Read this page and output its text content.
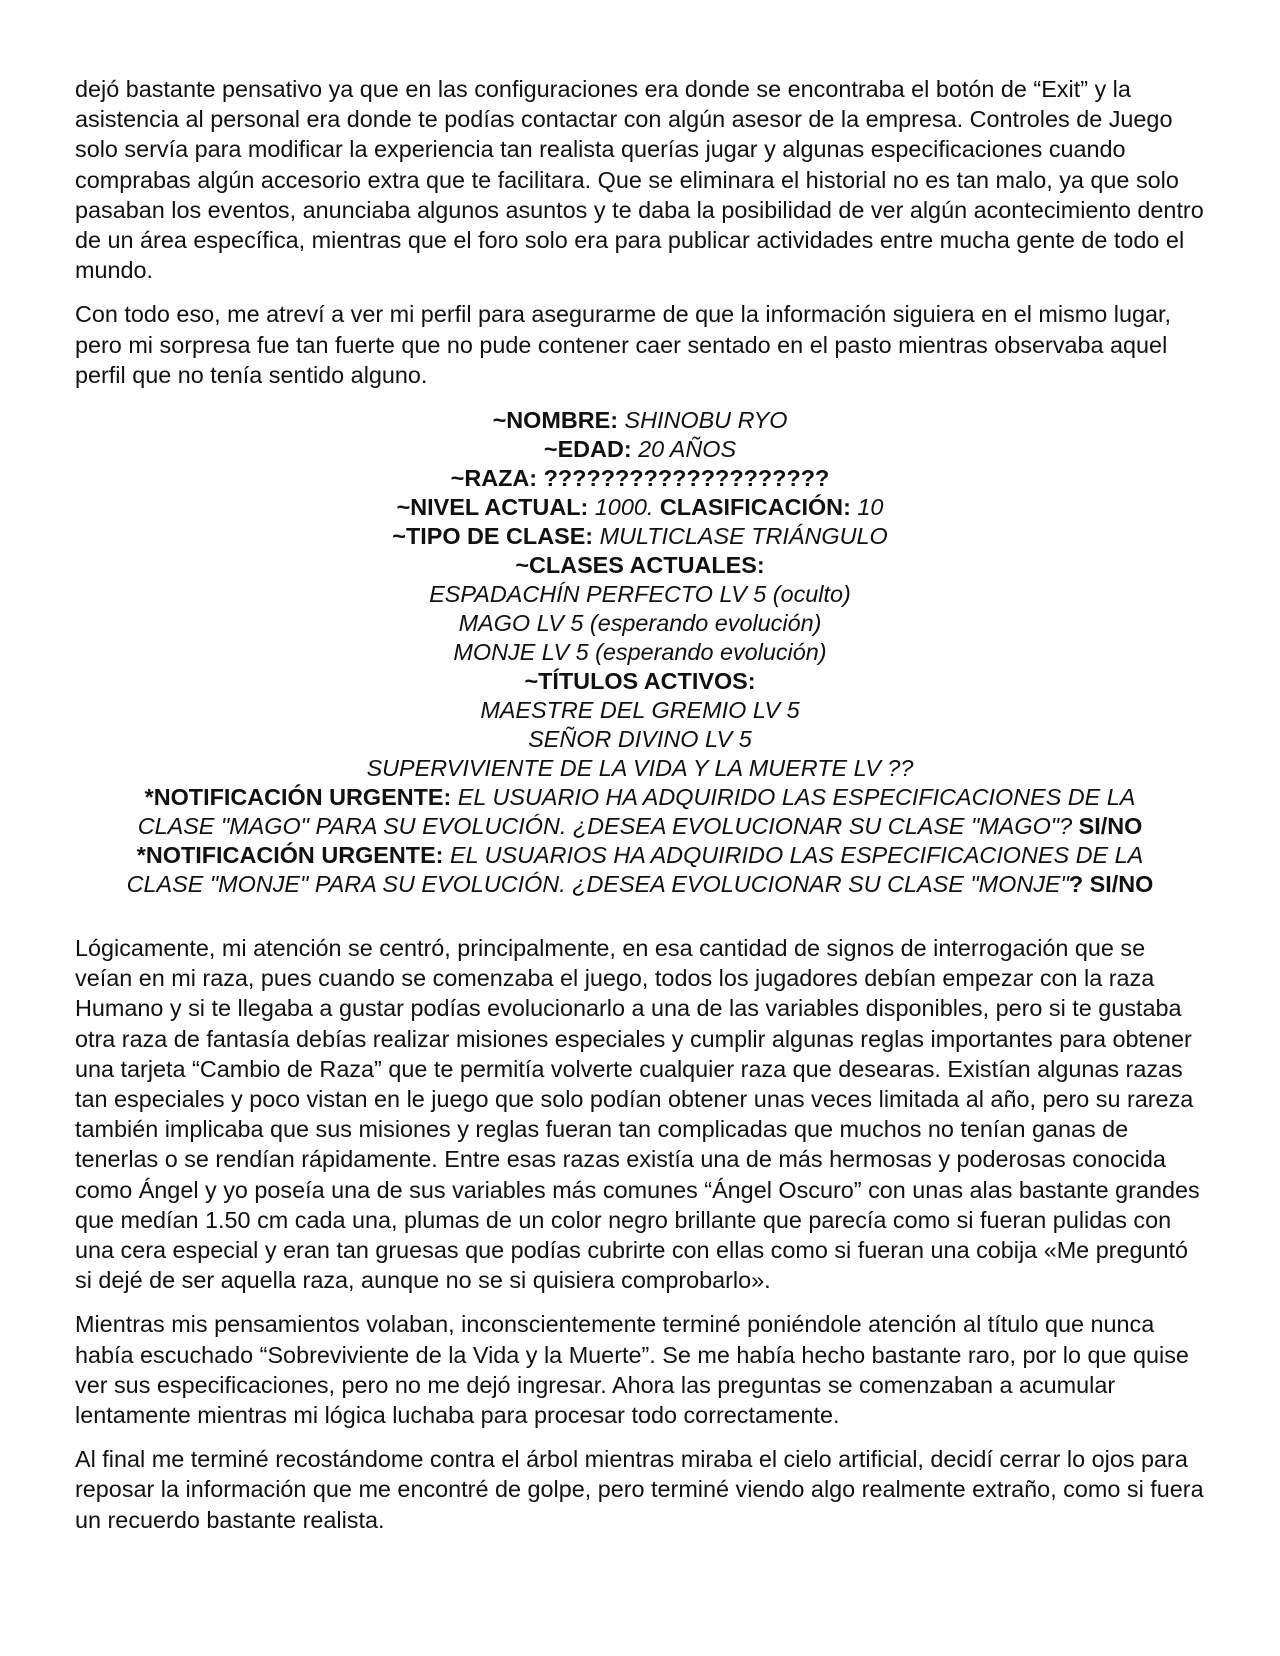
dejó bastante pensativo ya que en las configuraciones era donde se encontraba el botón de “Exit” y la asistencia al personal era donde te podías contactar con algún asesor de la empresa. Controles de Juego solo servía para modificar la experiencia tan realista querías jugar y algunas especificaciones cuando comprabas algún accesorio extra que te facilitara. Que se eliminara el historial no es tan malo, ya que solo pasaban los eventos, anunciaba algunos asuntos y te daba la posibilidad de ver algún acontecimiento dentro de un área específica, mientras que el foro solo era para publicar actividades entre mucha gente de todo el mundo.

Con todo eso, me atreví a ver mi perfil para asegurarme de que la información siguiera en el mismo lugar, pero mi sorpresa fue tan fuerte que no pude contener caer sentado en el pasto mientras observaba aquel perfil que no tenía sentido alguno.

~NOMBRE: SHINOBU RYO
~EDAD: 20 AÑOS
~RAZA: ????????????????????
~NIVEL ACTUAL: 1000. CLASIFICACIÓN: 10
~TIPO DE CLASE: MULTICLASE TRIÁNGULO
~CLASES ACTUALES:
ESPADACHÍN PERFECTO LV 5 (oculto)
MAGO LV 5 (esperando evolución)
MONJE LV 5 (esperando evolución)
~TÍTULOS ACTIVOS:
MAESTRE DEL GREMIO LV 5
SEÑOR DIVINO LV 5
SUPERVIVIENTE DE LA VIDA Y LA MUERTE LV ??
*NOTIFICACIÓN URGENTE: EL USUARIO HA ADQUIRIDO LAS ESPECIFICACIONES DE LA
CLASE "MAGO" PARA SU EVOLUCIÓN. ¿DESEA EVOLUCIONAR SU CLASE "MAGO"? SI/NO
*NOTIFICACIÓN URGENTE: EL USUARIOS HA ADQUIRIDO LAS ESPECIFICACIONES DE LA
CLASE "MONJE" PARA SU EVOLUCIÓN. ¿DESEA EVOLUCIONAR SU CLASE "MONJE"? SI/NO

Lógicamente, mi atención se centró, principalmente, en esa cantidad de signos de interrogación que se veían en mi raza, pues cuando se comenzaba el juego, todos los jugadores debían empezar con la raza Humano y si te llegaba a gustar podías evolucionarlo a una de las variables disponibles, pero si te gustaba otra raza de fantasía debías realizar misiones especiales y cumplir algunas reglas importantes para obtener una tarjeta “Cambio de Raza” que te permitía volverte cualquier raza que desearas. Existían algunas razas tan especiales y poco vistan en le juego que solo podían obtener unas veces limitada al año, pero su rareza también implicaba que sus misiones y reglas fueran tan complicadas que muchos no tenían ganas de tenerlas o se rendían rápidamente. Entre esas razas existía una de más hermosas y poderosas conocida como Ángel y yo poseía una de sus variables más comunes “Ángel Oscuro” con unas alas bastante grandes que medían 1.50 cm cada una, plumas de un color negro brillante que parecía como si fueran pulidas con una cera especial y eran tan gruesas que podías cubrirte con ellas como si fueran una cobija «Me preguntó si dejé de ser aquella raza, aunque no se si quisiera comprobarlo».

Mientras mis pensamientos volaban, inconscientemente terminé poniéndole atención al título que nunca había escuchado “Sobreviviente de la Vida y la Muerte”. Se me había hecho bastante raro, por lo que quise ver sus especificaciones, pero no me dejó ingresar. Ahora las preguntas se comenzaban a acumular lentamente mientras mi lógica luchaba para procesar todo correctamente.

Al final me terminé recostándome contra el árbol mientras miraba el cielo artificial, decidí cerrar lo ojos para reposar la información que me encontré de golpe, pero terminé viendo algo realmente extraño, como si fuera un recuerdo bastante realista.
